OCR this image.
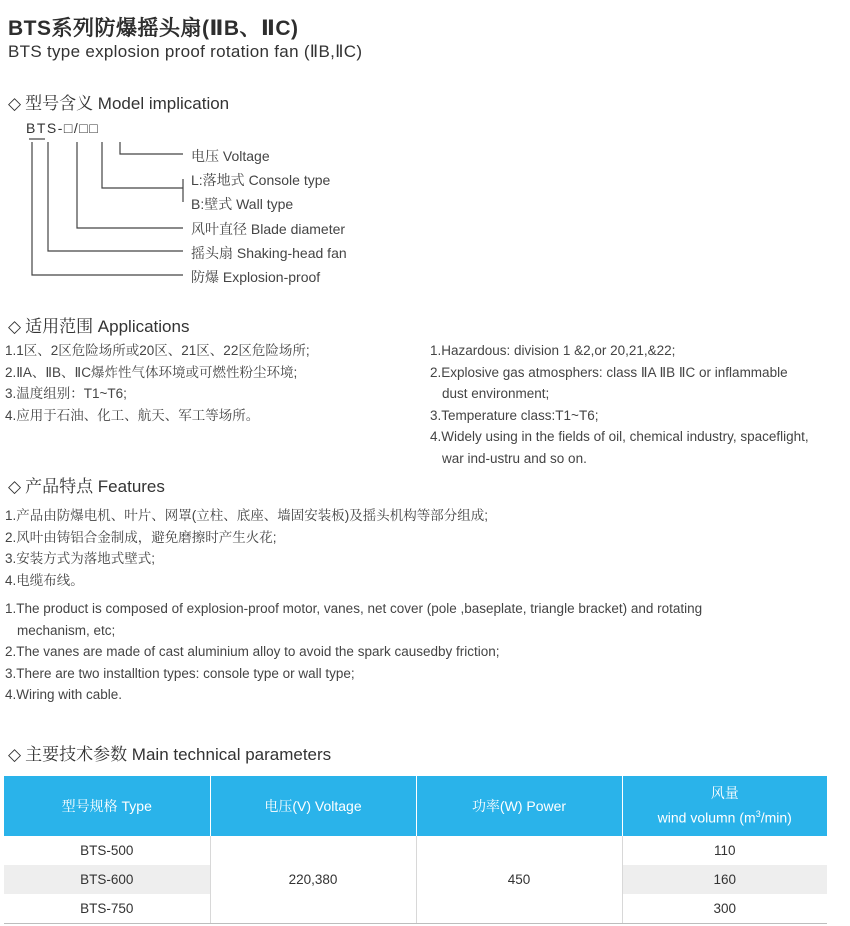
BTS系列防爆摇头扇(ⅡB、ⅡC)
BTS type explosion proof rotation fan (ⅡB,ⅡC)
◇ 型号含义 Model implication
BTS-□/□□
电压 Voltage
L:落地式 Console type
B:壁式 Wall type
风叶直径 Blade diameter
摇头扇 Shaking-head fan
防爆 Explosion-proof
◇ 适用范围 Applications
1.1区、2区危险场所或20区、21区、22区危险场所;
2.ⅡA、ⅡB、ⅡC爆炸性气体环境或可燃性粉尘环境;
3.温度组别：T1~T6;
4.应用于石油、化工、航天、军工等场所。
1.Hazardous: division 1 &2,or 20,21,&22;
2.Explosive gas atmosphers: class ⅡA ⅡB ⅡC or inflammable
dust environment;
3.Temperature class:T1~T6;
4.Widely using in the fields of oil, chemical industry, spaceflight,
war ind-ustru and so on.
◇ 产品特点 Features
1.产品由防爆电机、叶片、网罩(立柱、底座、墙固安装板)及摇头机构等部分组成;
2.风叶由铸铝合金制成，避免磨擦时产生火花;
3.安装方式为落地式壁式;
4.电缆布线。
1.The product is composed of explosion-proof motor, vanes, net cover (pole ,baseplate, triangle bracket) and rotating
mechanism, etc;
2.The vanes are made of cast aluminium alloy to avoid the spark causedby friction;
3.There are two installtion types: console type or wall type;
4.Wiring with cable.
◇ 主要技术参数 Main technical parameters
型号规格 Type	电压(V) Voltage	功率(W) Power	风量
wind volumn $(m^3/\min)$

BTS-500	220,380	450	110
BTS-600			160
BTS-750			300
